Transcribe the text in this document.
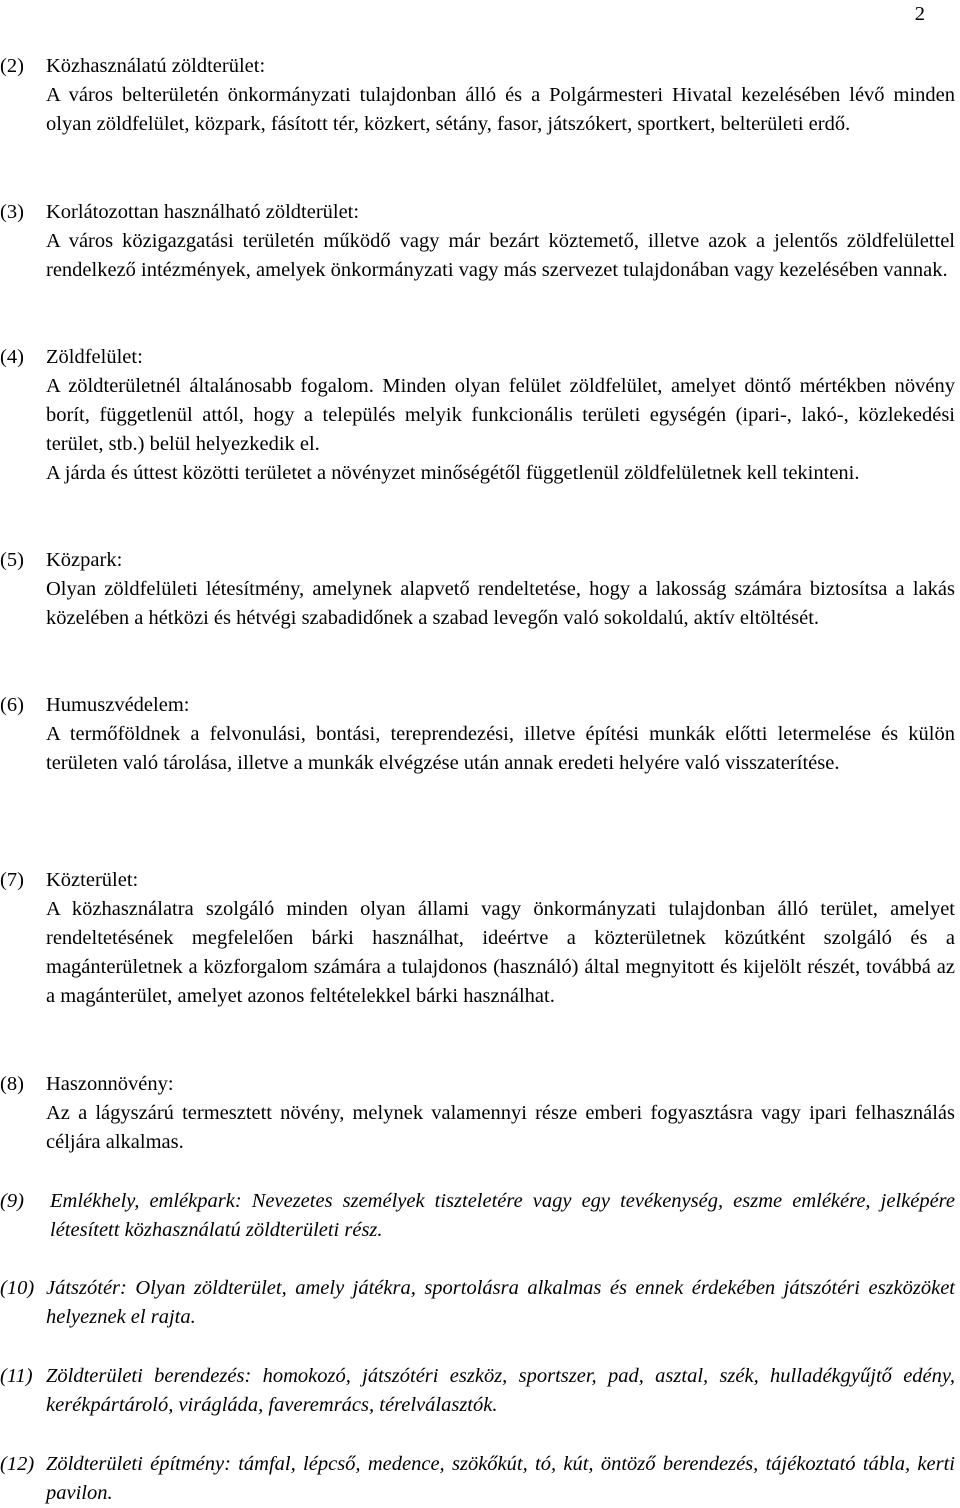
2
(2) Közhasználatú zöldterület:

A város belterületén önkormányzati tulajdonban álló és a Polgármesteri Hivatal kezelésében lévő minden olyan zöldfelület, közpark, fásított tér, közkert, sétány, fasor, játszókert, sportkert, belterületi erdő.

(3) Korlátozottan használható zöldterület:

A város közigazgatási területén működő vagy már bezárt köztemető, illetve azok a jelentős zöldfelülettel rendelkező intézmények, amelyek önkormányzati vagy más szervezet tulajdonában vagy kezelésében vannak.

(4) Zöldfelület:

A zöldterületnél általánosabb fogalom. Minden olyan felület zöldfelület, amelyet döntő mértékben növény borít, függetlenül attól, hogy a település melyik funkcionális területi egységén (ipari-, lakó-, közlekedési terület, stb.) belül helyezkedik el.

A járda és úttest közötti területet a növényzet minőségétől függetlenül zöldfelületnek kell tekinteni.

(5) Közpark:

Olyan zöldfelületi létesítmény, amelynek alapvető rendeltetése, hogy a lakosság számára biztosítsa a lakás közelében a hétközi és hétvégi szabadidőnek a szabad levegőn való sokoldalú, aktív eltöltését.

(6) Humuszvédelem:

A termőföldnek a felvonulási, bontási, tereprendezési, illetve építési munkák előtti letermelése és külön területen való tárolása, illetve a munkák elvégzése után annak eredeti helyére való visszaterítése.

(7) Közterület:

A közhasználatra szolgáló minden olyan állami vagy önkormányzati tulajdonban álló terület, amelyet rendeltetésének megfelelően bárki használhat, ideértve a közterületnek közútként szolgáló és a magánterületnek a közforgalom számára a tulajdonos (használó) által megnyitott és kijelölt részét, továbbá az a magánterület, amelyet azonos feltételekkel bárki használhat.

(8) Haszonnövény:

Az a lágyszárú termesztett növény, melynek valamennyi része emberi fogyasztásra vagy ipari felhasználás céljára alkalmas.

(9) Emlékhely, emlékpark: Nevezetes személyek tiszteletére vagy egy tevékenység, eszme emlékére, jelképére létesített közhasználatú zöldterületi rész.

(10) Játszótér: Olyan zöldterület, amely játékra, sportolásra alkalmas és ennek érdekében játszótéri eszközöket helyeznek el rajta.

(11) Zöldterületi berendezés: homokozó, játszótéri eszköz, sportszer, pad, asztal, szék, hulladékgyűjtő edény, kerékpártároló, virágláda, faveremrács, térelválasztók.

(12) Zöldterületi építmény: támfal, lépcső, medence, szökőkút, tó, kút, öntöző berendezés, tájékoztató tábla, kerti pavilon.
